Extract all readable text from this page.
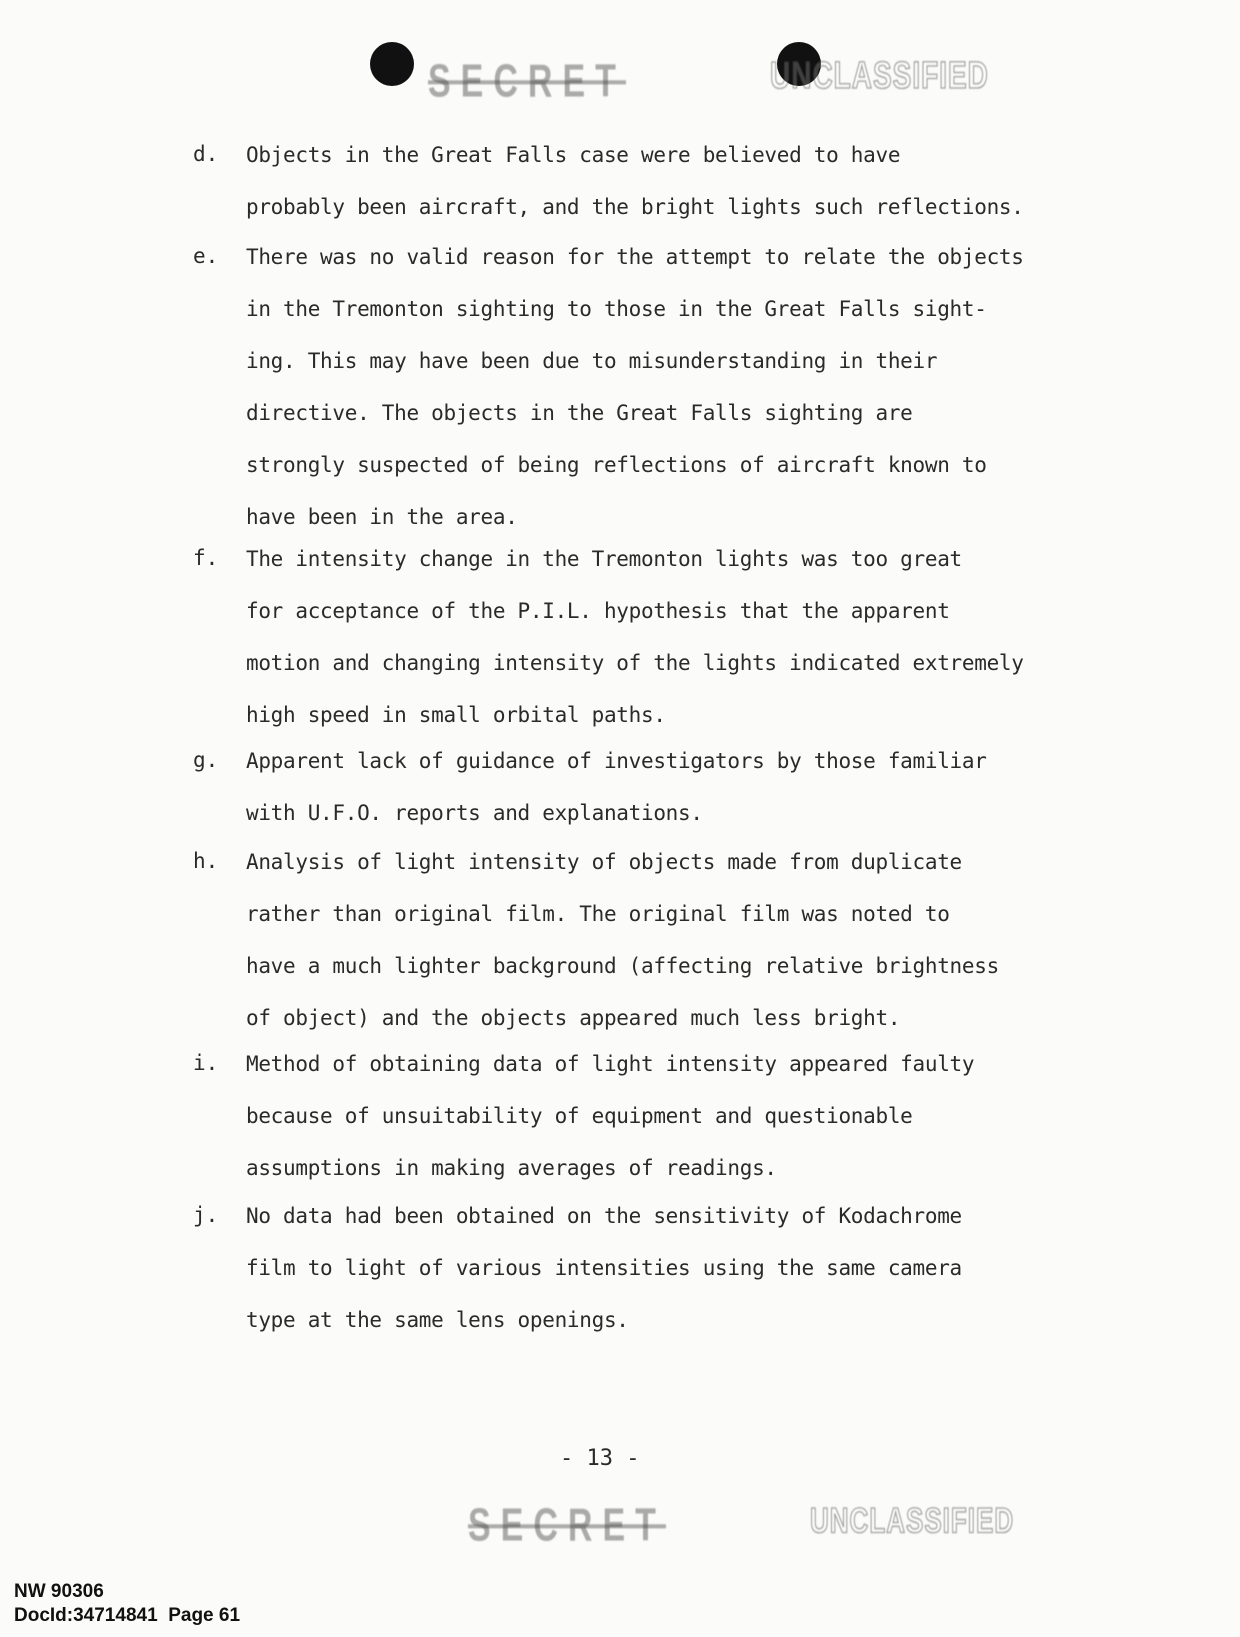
SECRET	UNCLASSIFIED
d. Objects in the Great Falls case were believed to have
probably been aircraft, and the bright lights such reflections.
e. There was no valid reason for the attempt to relate the objects
in the Tremonton sighting to those in the Great Falls sight-
ing. This may have been due to misunderstanding in their
directive. The objects in the Great Falls sighting are
strongly suspected of being reflections of aircraft known to
have been in the area.
f. The intensity change in the Tremonton lights was too great
for acceptance of the P.I.L. hypothesis that the apparent
motion and changing intensity of the lights indicated extremely
high speed in small orbital paths.
g. Apparent lack of guidance of investigators by those familiar
with U.F.O. reports and explanations.
h. Analysis of light intensity of objects made from duplicate
rather than original film. The original film was noted to
have a much lighter background (affecting relative brightness
of object) and the objects appeared much less bright.
i. Method of obtaining data of light intensity appeared faulty
because of unsuitability of equipment and questionable
assumptions in making averages of readings.
j. No data had been obtained on the sensitivity of Kodachrome
film to light of various intensities using the same camera
type at the same lens openings.
- 13 -
SECRET	UNCLASSIFIED
NW 90306
DocId:34714841  Page 61
